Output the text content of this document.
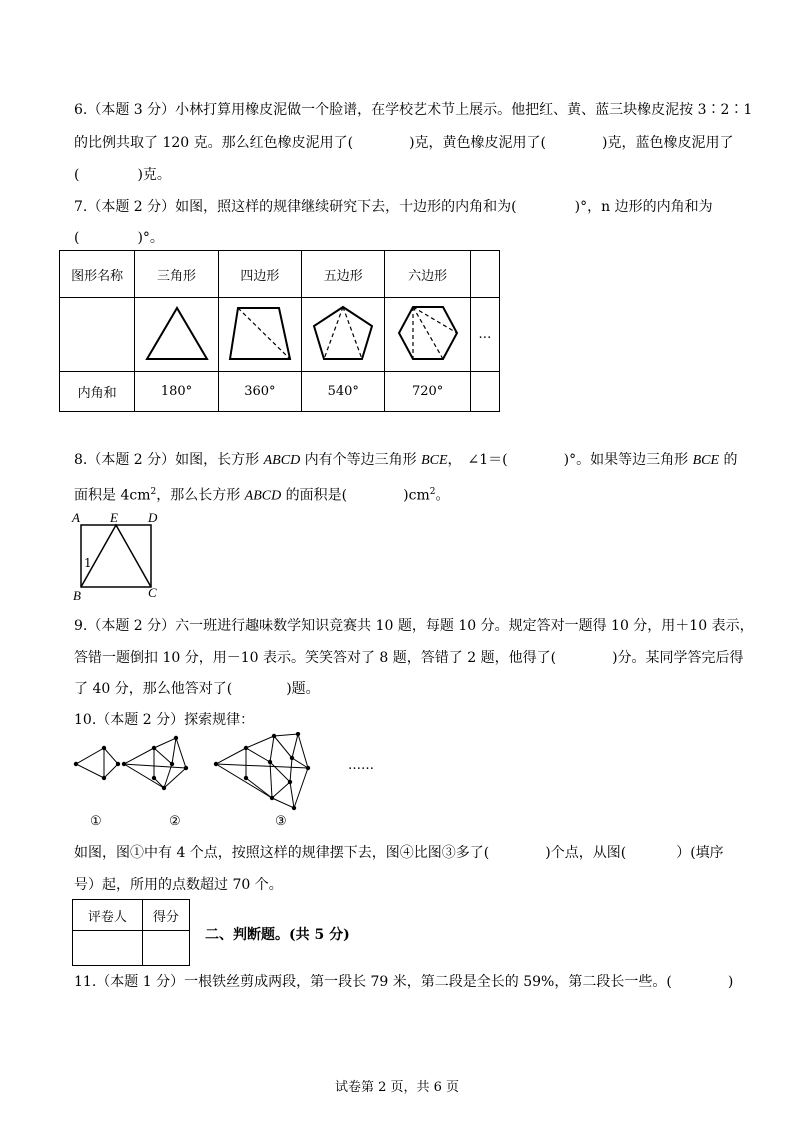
6.（本题 3 分）小林打算用橡皮泥做一个脸谱，在学校艺术节上展示。他把红、黄、蓝三块橡皮泥按 3∶2∶1
的比例共取了 120 克。那么红色橡皮泥用了(	)克，黄色橡皮泥用了(	)克，蓝色橡皮泥用了
(	)克。
7.（本题 2 分）如图，照这样的规律继续研究下去，十边形的内角和为(	)°，n 边形的内角和为
(	)°。
图形名称	三角形	四边形	五边形	六边形	
					…
内角和	180°	360°	540°	720°	
8.（本题 2 分）如图，长方形 ABCD 内有个等边三角形 BCE， ∠1＝(	)°。如果等边三角形 BCE 的
面积是 $4cm^2$，那么长方形 ABCD 的面积是(	)$cm^2$。
A E D
1
B	C
9.（本题 2 分）六一班进行趣味数学知识竞赛共 10 题，每题 10 分。规定答对一题得 10 分，用＋10 表示，
答错一题倒扣 10 分，用－10 表示。笑笑答对了 8 题，答错了 2 题，他得了(	)分。某同学答完后得
了 40 分，那么他答对了(	)题。
10.（本题 2 分）探索规律：
……
①	②	③
如图，图①中有 4 个点，按照这样的规律摆下去，图④比图③多了(	)个点，从图(	）(填序
号）起，所用的点数超过 70 个。
评卷人	得分

二、判断题。(共 5 分)
11.（本题 1 分）一根铁丝剪成两段，第一段长 79 米，第二段是全长的 59%，第二段长一些。(	)
试卷第 2 页，共 6 页
